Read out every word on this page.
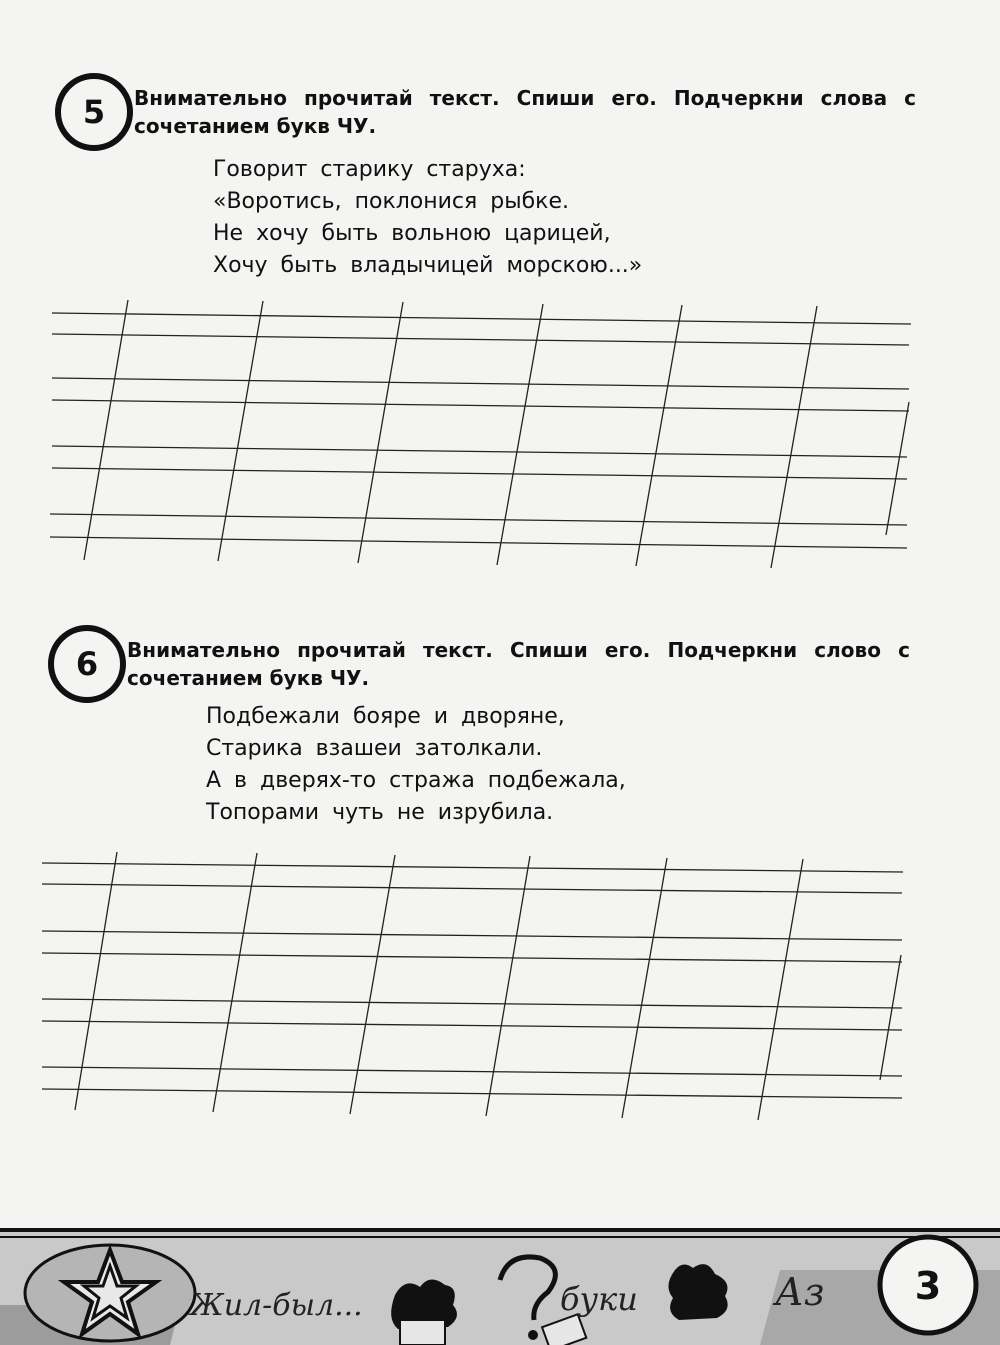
5	Внимательно прочитай текст. Спиши его. Подчеркни слова с сочетанием букв ЧУ.
Говорит старику старуха:
«Воротись, поклонися рыбке.
Не хочу быть вольною царицей,
Хочу быть владычицей морскою...»
6	Внимательно прочитай текст. Спиши его. Подчеркни слово с сочетанием букв ЧУ.
Подбежали бояре и дворяне,
Старика взашеи затолкали.
А в дверях-то стража подбежала,
Топорами чуть не изрубила.
Жил-был...	буки	Аз 3
